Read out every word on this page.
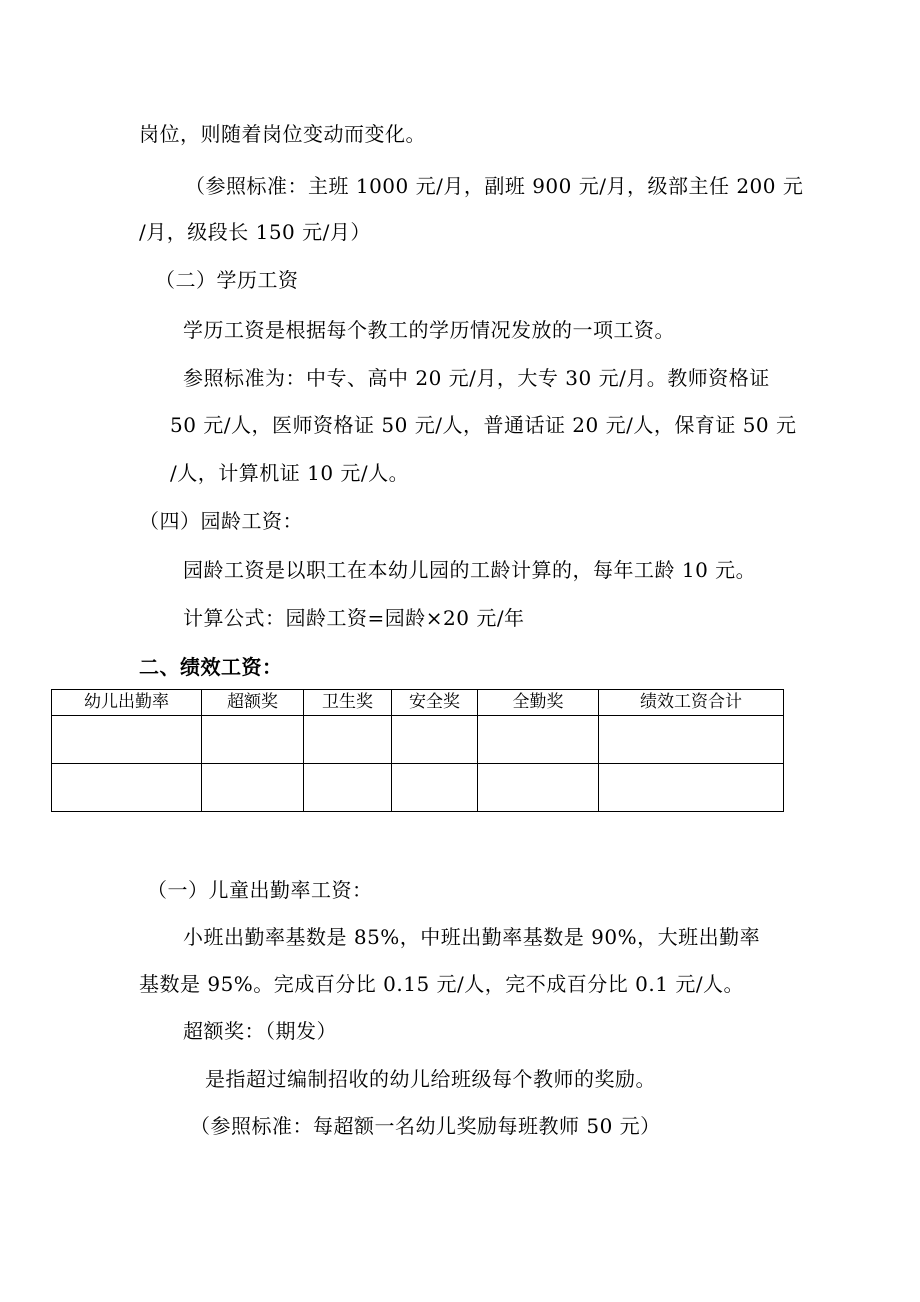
岗位，则随着岗位变动而变化。
（参照标准：主班 1000 元/月，副班 900 元/月，级部主任 200 元
/月，级段长 150 元/月）
（二）学历工资
学历工资是根据每个教工的学历情况发放的一项工资。
参照标准为：中专、高中 20 元/月，大专 30 元/月。教师资格证
50 元/人，医师资格证 50 元/人，普通话证 20 元/人，保育证 50 元
/人，计算机证 10 元/人。
（四）园龄工资：
园龄工资是以职工在本幼儿园的工龄计算的，每年工龄 10 元。
计算公式：园龄工资=园龄×20 元/年
二、绩效工资：
幼儿出勤率	超额奖	卫生奖	安全奖	全勤奖	绩效工资合计

（一）儿童出勤率工资：
小班出勤率基数是 85%，中班出勤率基数是 90%，大班出勤率
基数是 95%。完成百分比 0.15 元/人，完不成百分比 0.1 元/人。
超额奖：（期发）
是指超过编制招收的幼儿给班级每个教师的奖励。
（参照标准：每超额一名幼儿奖励每班教师 50 元）
